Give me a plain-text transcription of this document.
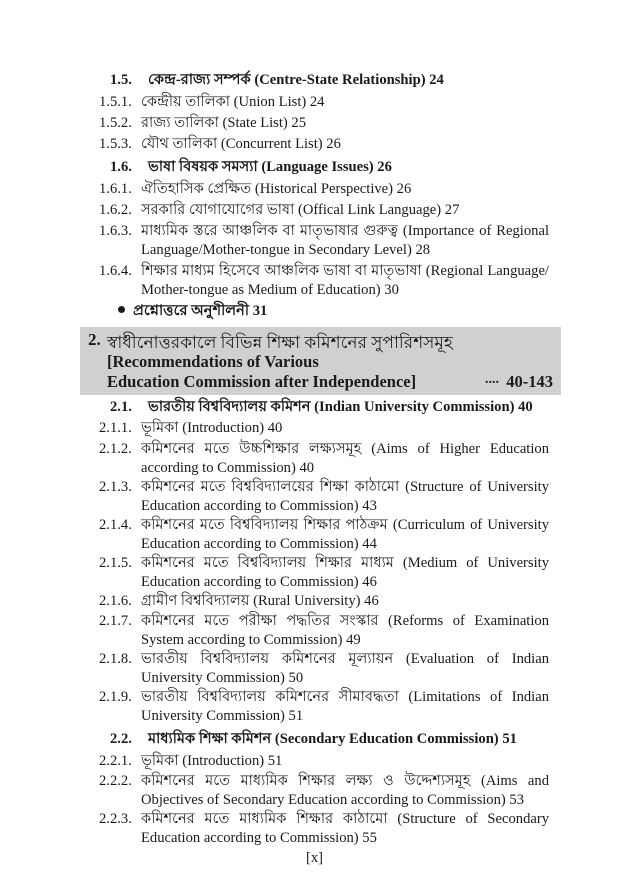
1.5. কেন্দ্র-রাজ্য সম্পর্ক (Centre-State Relationship) 24
1.5.1. কেন্দ্রীয় তালিকা (Union List) 24
1.5.2. রাজ্য তালিকা (State List) 25
1.5.3. যৌথ তালিকা (Concurrent List) 26
1.6. ভাষা বিষয়ক সমস্যা (Language Issues) 26
1.6.1. ঐতিহাসিক প্রেক্ষিত (Historical Perspective) 26
1.6.2. সরকারি যোগাযোগের ভাষা (Offical Link Language) 27
1.6.3. মাধ্যমিক স্তরে আঞ্চলিক বা মাতৃভাষার গুরুত্ব (Importance of Regional Language/Mother-tongue in Secondary Level) 28
1.6.4. শিক্ষার মাধ্যম হিসেবে আঞ্চলিক ভাষা বা মাতৃভাষা (Regional Language/ Mother-tongue as Medium of Education) 30
প্রশ্নোত্তরে অনুশীলনী 31
2. স্বাধীনোত্তরকালে বিভিন্ন শিক্ষা কমিশনের সুপারিশসমূহ
[Recommendations of Various
Education Commission after Independence]	.... 40-143
2.1. ভারতীয় বিশ্ববিদ্যালয় কমিশন (Indian University Commission) 40
2.1.1. ভূমিকা (Introduction) 40
2.1.2. কমিশনের মতে উচ্চশিক্ষার লক্ষ্যসমূহ (Aims of Higher Education according to Commission) 40
2.1.3. কমিশনের মতে বিশ্ববিদ্যালয়ের শিক্ষা কাঠামো (Structure of University Education according to Commission) 43
2.1.4. কমিশনের মতে বিশ্ববিদ্যালয় শিক্ষার পাঠক্রম (Curriculum of University Education according to Commission) 44
2.1.5. কমিশনের মতে বিশ্ববিদ্যালয় শিক্ষার মাধ্যম (Medium of University Education according to Commission) 46
2.1.6. গ্রামীণ বিশ্ববিদ্যালয় (Rural University) 46
2.1.7. কমিশনের মতে পরীক্ষা পদ্ধতির সংস্কার (Reforms of Examination System according to Commission) 49
2.1.8. ভারতীয় বিশ্ববিদ্যালয় কমিশনের মূল্যায়ন (Evaluation of Indian University Commission) 50
2.1.9. ভারতীয় বিশ্ববিদ্যালয় কমিশনের সীমাবদ্ধতা (Limitations of Indian University Commission) 51
2.2. মাধ্যমিক শিক্ষা কমিশন (Secondary Education Commission) 51
2.2.1. ভূমিকা (Introduction) 51
2.2.2. কমিশনের মতে মাধ্যমিক শিক্ষার লক্ষ্য ও উদ্দেশ্যসমূহ (Aims and Objectives of Secondary Education according to Commission) 53
2.2.3. কমিশনের মতে মাধ্যমিক শিক্ষার কাঠামো (Structure of Secondary Education according to Commission) 55
[x]
